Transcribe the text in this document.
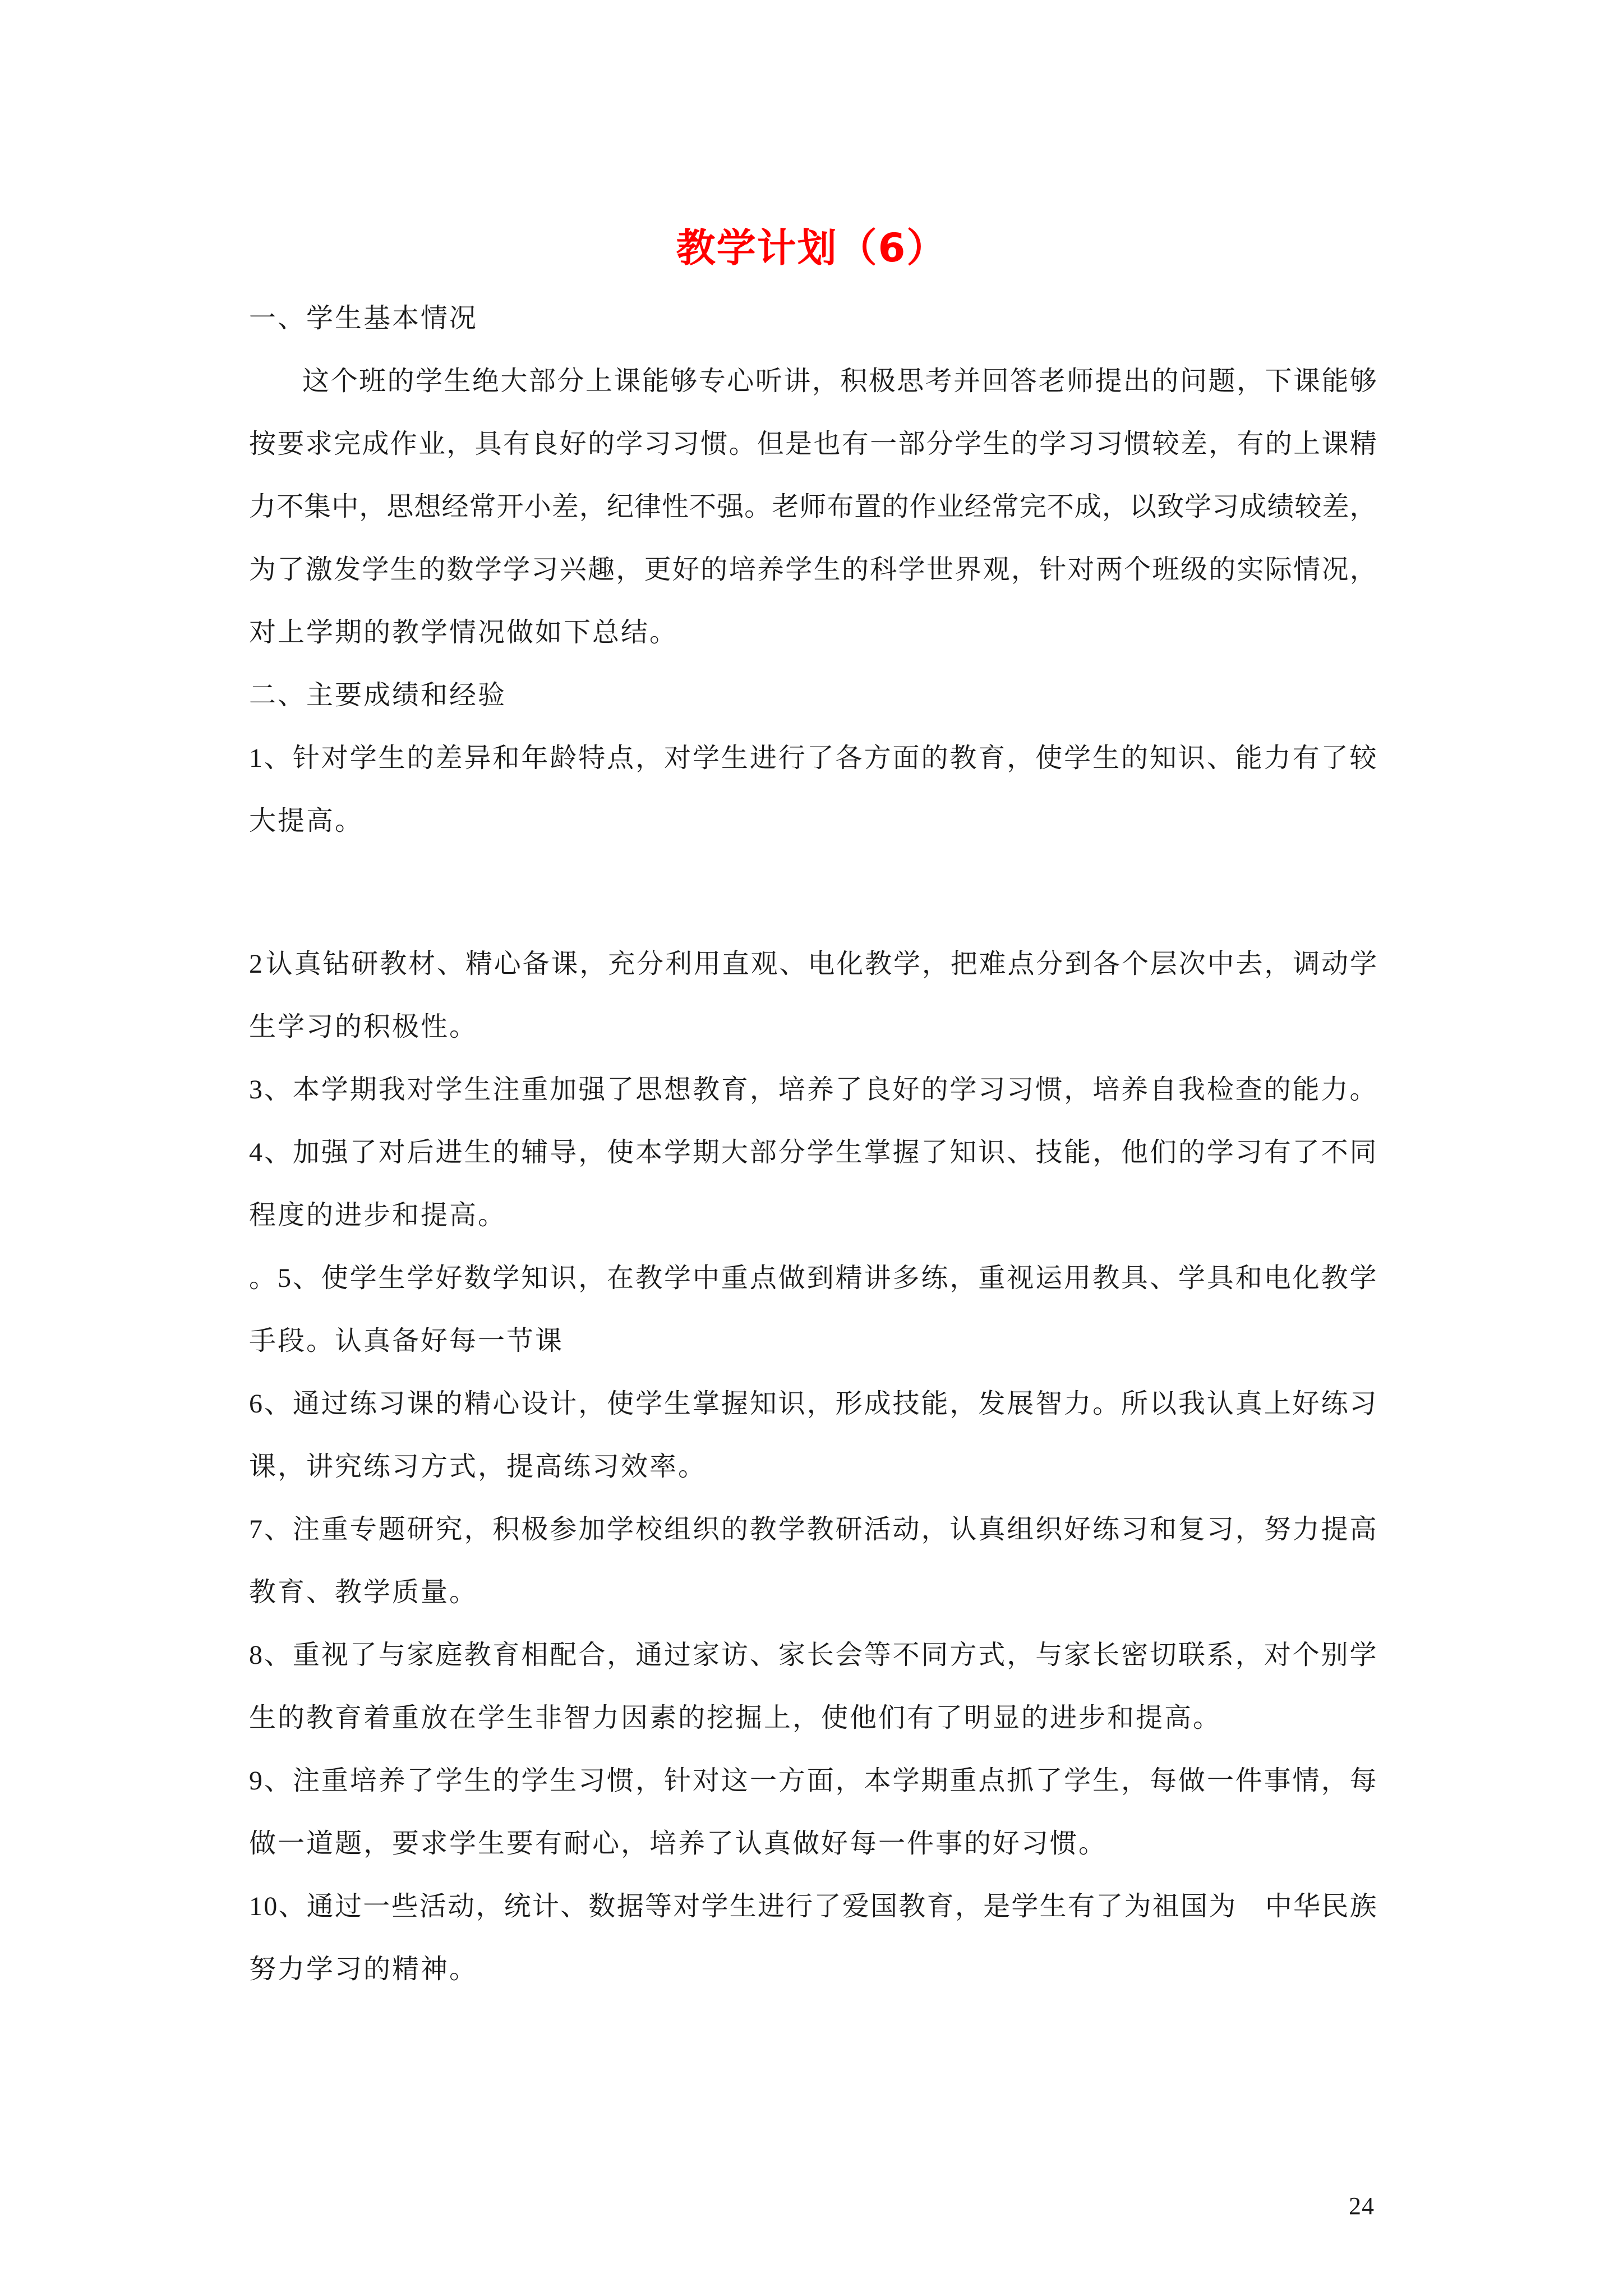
教学计划（6）
一、学生基本情况
这 个 班 的 学 生 绝 大 部 分 上 课 能 够 专 心 听 讲 ， 积 极 思 考 并 回 答 老 师 提 出 的 问 题 ， 下 课 能 够
按 要 求 完 成 作 业 ， 具 有 良 好 的 学 习 习 惯 。 但 是 也 有 一 部 分 学 生 的 学 习 习 惯 较 差 ， 有 的 上 课 精
力 不 集 中 ， 思 想 经 常 开 小 差 ， 纪 律 性 不 强 。 老 师 布 置 的 作 业 经 常 完 不 成 ， 以 致 学 习 成 绩 较 差 ，
为 了 激 发 学 生 的 数 学 学 习 兴 趣 ， 更 好 的 培 养 学 生 的 科 学 世 界 观 ， 针 对 两 个 班 级 的 实 际 情 况 ，
对上学期的教学情况做如下总结。
二、主要成绩和经验
1 、 针 对 学 生 的 差 异 和 年 龄 特 点 ， 对 学 生 进 行 了 各 方 面 的 教 育 ， 使 学 生 的 知 识 、 能 力 有 了 较
大提高。
2 认 真 钻 研 教 材 、 精 心 备 课 ， 充 分 利 用 直 观 、 电 化 教 学 ， 把 难 点 分 到 各 个 层 次 中 去 ， 调 动 学
生学习的积极性。
3 、 本 学 期 我 对 学 生 注 重 加 强 了 思 想 教 育 ， 培 养 了 良 好 的 学 习 习 惯 ， 培 养 自 我 检 查 的 能 力 。
4 、 加 强 了 对 后 进 生 的 辅 导 ， 使 本 学 期 大 部 分 学 生 掌 握 了 知 识 、 技 能 ， 他 们 的 学 习 有 了 不 同
程度的进步和提高。
。 5 、 使 学 生 学 好 数 学 知 识 ， 在 教 学 中 重 点 做 到 精 讲 多 练 ， 重 视 运 用 教 具 、 学 具 和 电 化 教 学
手段。认真备好每一节课
6 、 通 过 练 习 课 的 精 心 设 计 ， 使 学 生 掌 握 知 识 ， 形 成 技 能 ， 发 展 智 力 。 所 以 我 认 真 上 好 练 习
课，讲究练习方式，提高练习效率。
7 、 注 重 专 题 研 究 ， 积 极 参 加 学 校 组 织 的 教 学 教 研 活 动 ， 认 真 组 织 好 练 习 和 复 习 ， 努 力 提 高
教育、教学质量。
8 、 重 视 了 与 家 庭 教 育 相 配 合 ， 通 过 家 访 、 家 长 会 等 不 同 方 式 ， 与 家 长 密 切 联 系 ， 对 个 别 学
生的教育着重放在学生非智力因素的挖掘上，使他们有了明显的进步和提高。
9 、 注 重 培 养 了 学 生 的 学 生 习 惯 ， 针 对 这 一 方 面 ， 本 学 期 重 点 抓 了 学 生 ， 每 做 一 件 事 情 ， 每
做一道题，要求学生要有耐心，培养了认真做好每一件事的好习惯。
1 0 、 通 过 一 些 活 动 ， 统 计 、 数 据 等 对 学 生 进 行 了 爱 国 教 育 ， 是 学 生 有 了 为 祖 国 为
　 中 华 民 族
努力学习的精神。
24
